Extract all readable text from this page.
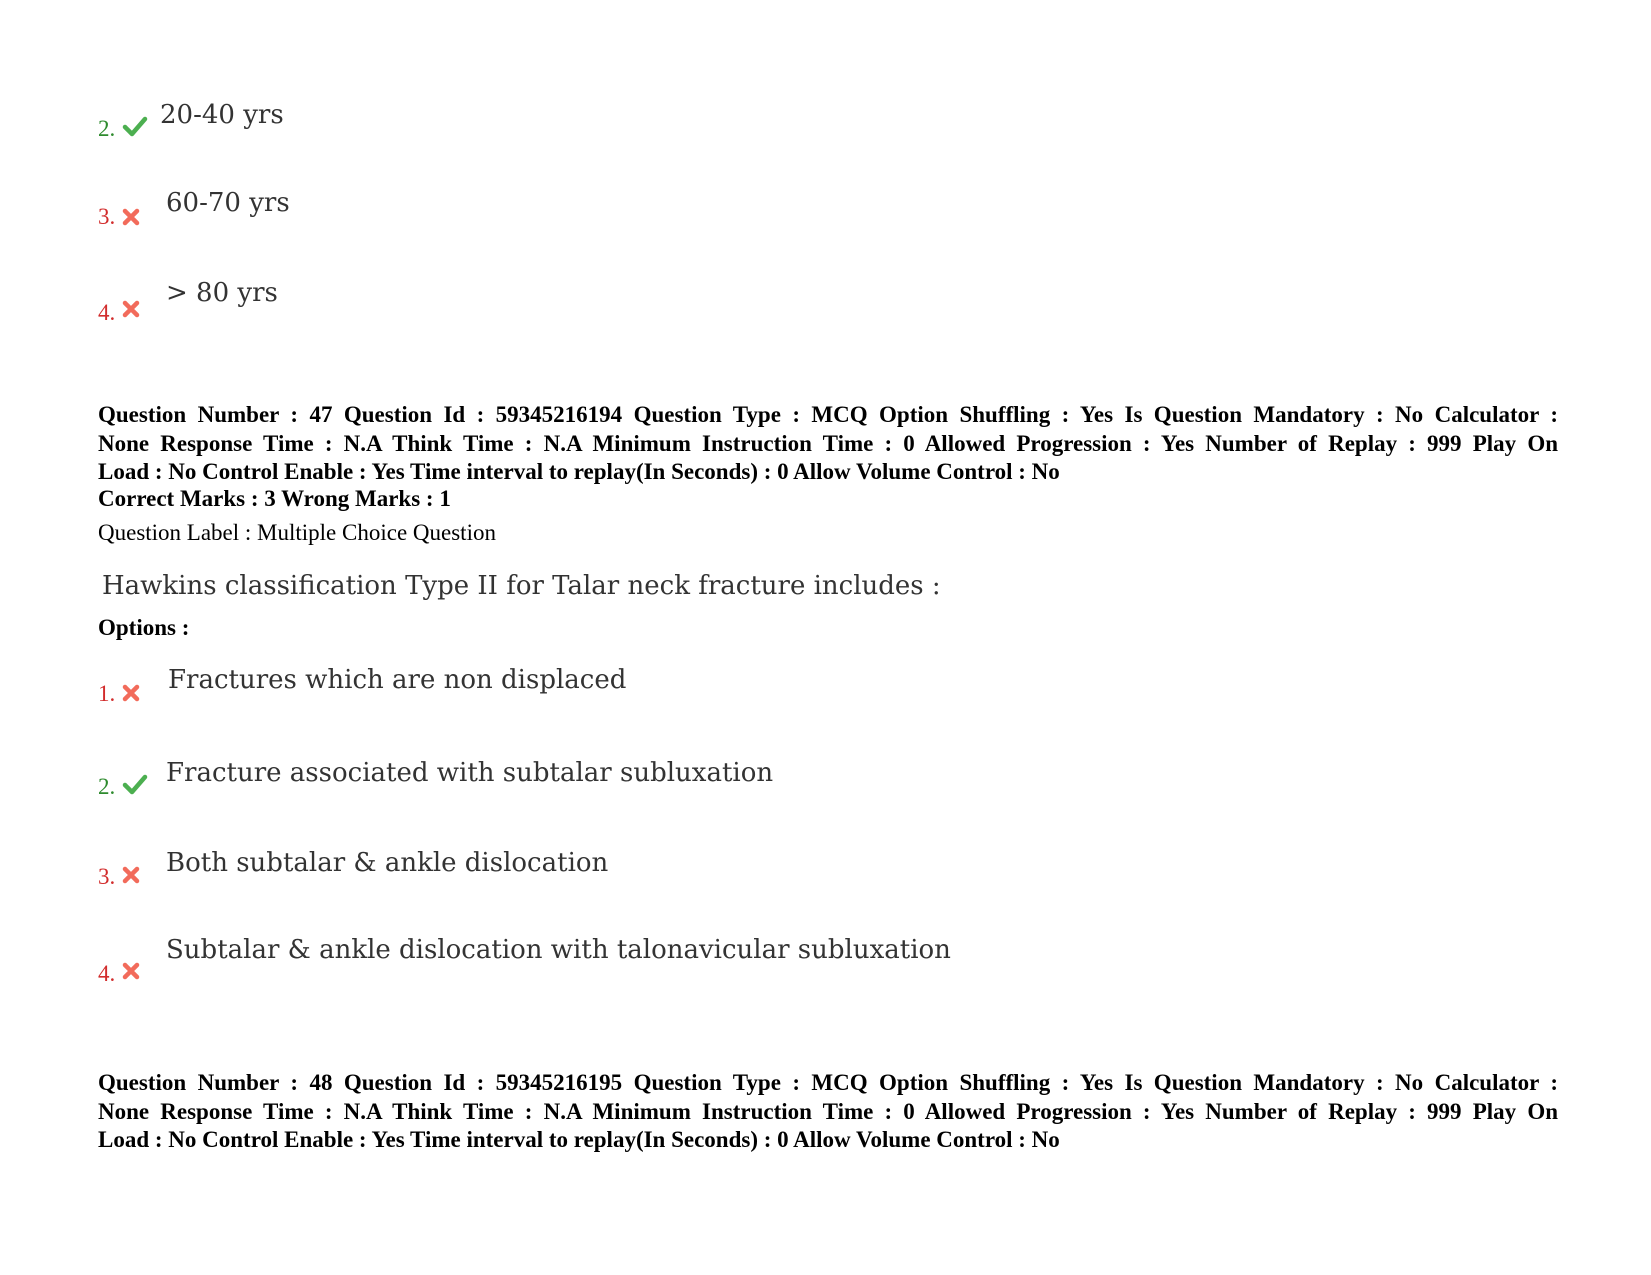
2. 20-40 yrs
3. 60-70 yrs
4.
> 80 yrs
Question Number : 47 Question Id : 59345216194 Question Type : MCQ Option Shuffling : Yes Is Question Mandatory : No Calculator :
None Response Time : N.A Think Time : N.A Minimum Instruction Time : 0 Allowed Progression : Yes Number of Replay : 999 Play On
Load : No Control Enable : Yes Time interval to replay(In Seconds) : 0 Allow Volume Control : No
Correct Marks : 3 Wrong Marks : 1
Question Label : Multiple Choice Question
Hawkins classification Type II for Talar neck fracture includes :
Options :
1. Fractures which are non displaced
2. Fracture associated with subtalar subluxation
3. Both subtalar & ankle dislocation
4.
Subtalar & ankle dislocation with talonavicular subluxation
Question Number : 48 Question Id : 59345216195 Question Type : MCQ Option Shuffling : Yes Is Question Mandatory : No Calculator :
None Response Time : N.A Think Time : N.A Minimum Instruction Time : 0 Allowed Progression : Yes Number of Replay : 999 Play On
Load : No Control Enable : Yes Time interval to replay(In Seconds) : 0 Allow Volume Control : No
